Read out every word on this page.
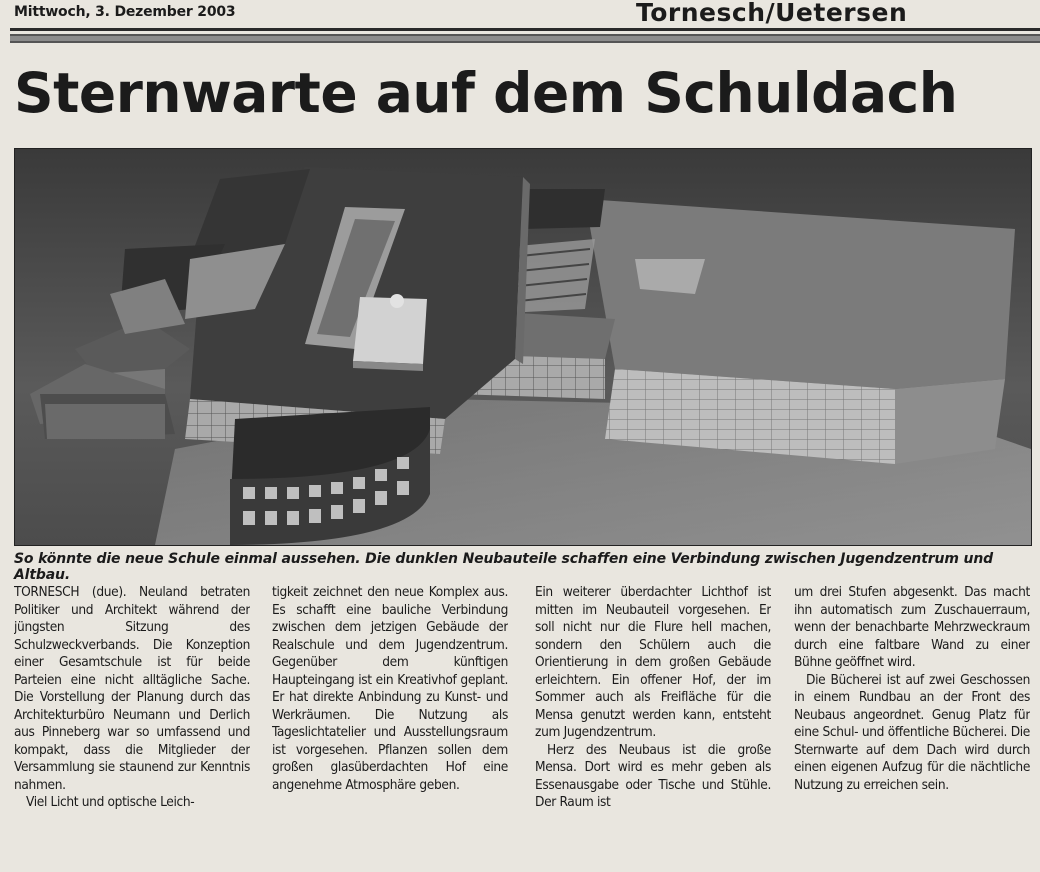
Mittwoch, 3. Dezember 2003	Tornesch/Uetersen
Sternwarte auf dem Schuldach
So könnte die neue Schule einmal aussehen. Die dunklen Neubauteile schaffen eine Verbindung zwischen Jugendzentrum und Altbau.

TORNESCH (due). Neuland betraten Politiker und Architekt während der jüngsten Sitzung des Schulzweckverbands. Die Konzeption einer Gesamtschule ist für beide Parteien eine nicht alltägliche Sache. Die Vorstellung der Planung durch das Architekturbüro Neumann und Derlich aus Pinneberg war so umfassend und kompakt, dass die Mitglieder der Versammlung sie staunend zur Kenntnis nahmen.

Viel Licht und optische Leich-

tigkeit zeichnet den neue Komplex aus. Es schafft eine bauliche Verbindung zwischen dem jetzigen Gebäude der Realschule und dem Jugendzentrum. Gegenüber dem künftigen Haupteingang ist ein Kreativhof geplant. Er hat direkte Anbindung zu Kunst- und Werkräumen. Die Nutzung als Tageslichtatelier und Ausstellungsraum ist vorgesehen. Pflanzen sollen dem großen glasüberdachten Hof eine angenehme Atmosphäre geben.

Ein weiterer überdachter Lichthof ist mitten im Neubauteil vorgesehen. Er soll nicht nur die Flure hell machen, sondern den Schülern auch die Orientierung in dem großen Gebäude erleichtern. Ein offener Hof, der im Sommer auch als Freifläche für die Mensa genutzt werden kann, entsteht zum Jugendzentrum.

Herz des Neubaus ist die große Mensa. Dort wird es mehr geben als Essenausgabe oder Tische und Stühle. Der Raum ist

um drei Stufen abgesenkt. Das macht ihn automatisch zum Zuschauerraum, wenn der benachbarte Mehrzweckraum durch eine faltbare Wand zu einer Bühne geöffnet wird.

Die Bücherei ist auf zwei Geschossen in einem Rundbau an der Front des Neubaus angeordnet. Genug Platz für eine Schul- und öffentliche Bücherei. Die Sternwarte auf dem Dach wird durch einen eigenen Aufzug für die nächtliche Nutzung zu erreichen sein.
